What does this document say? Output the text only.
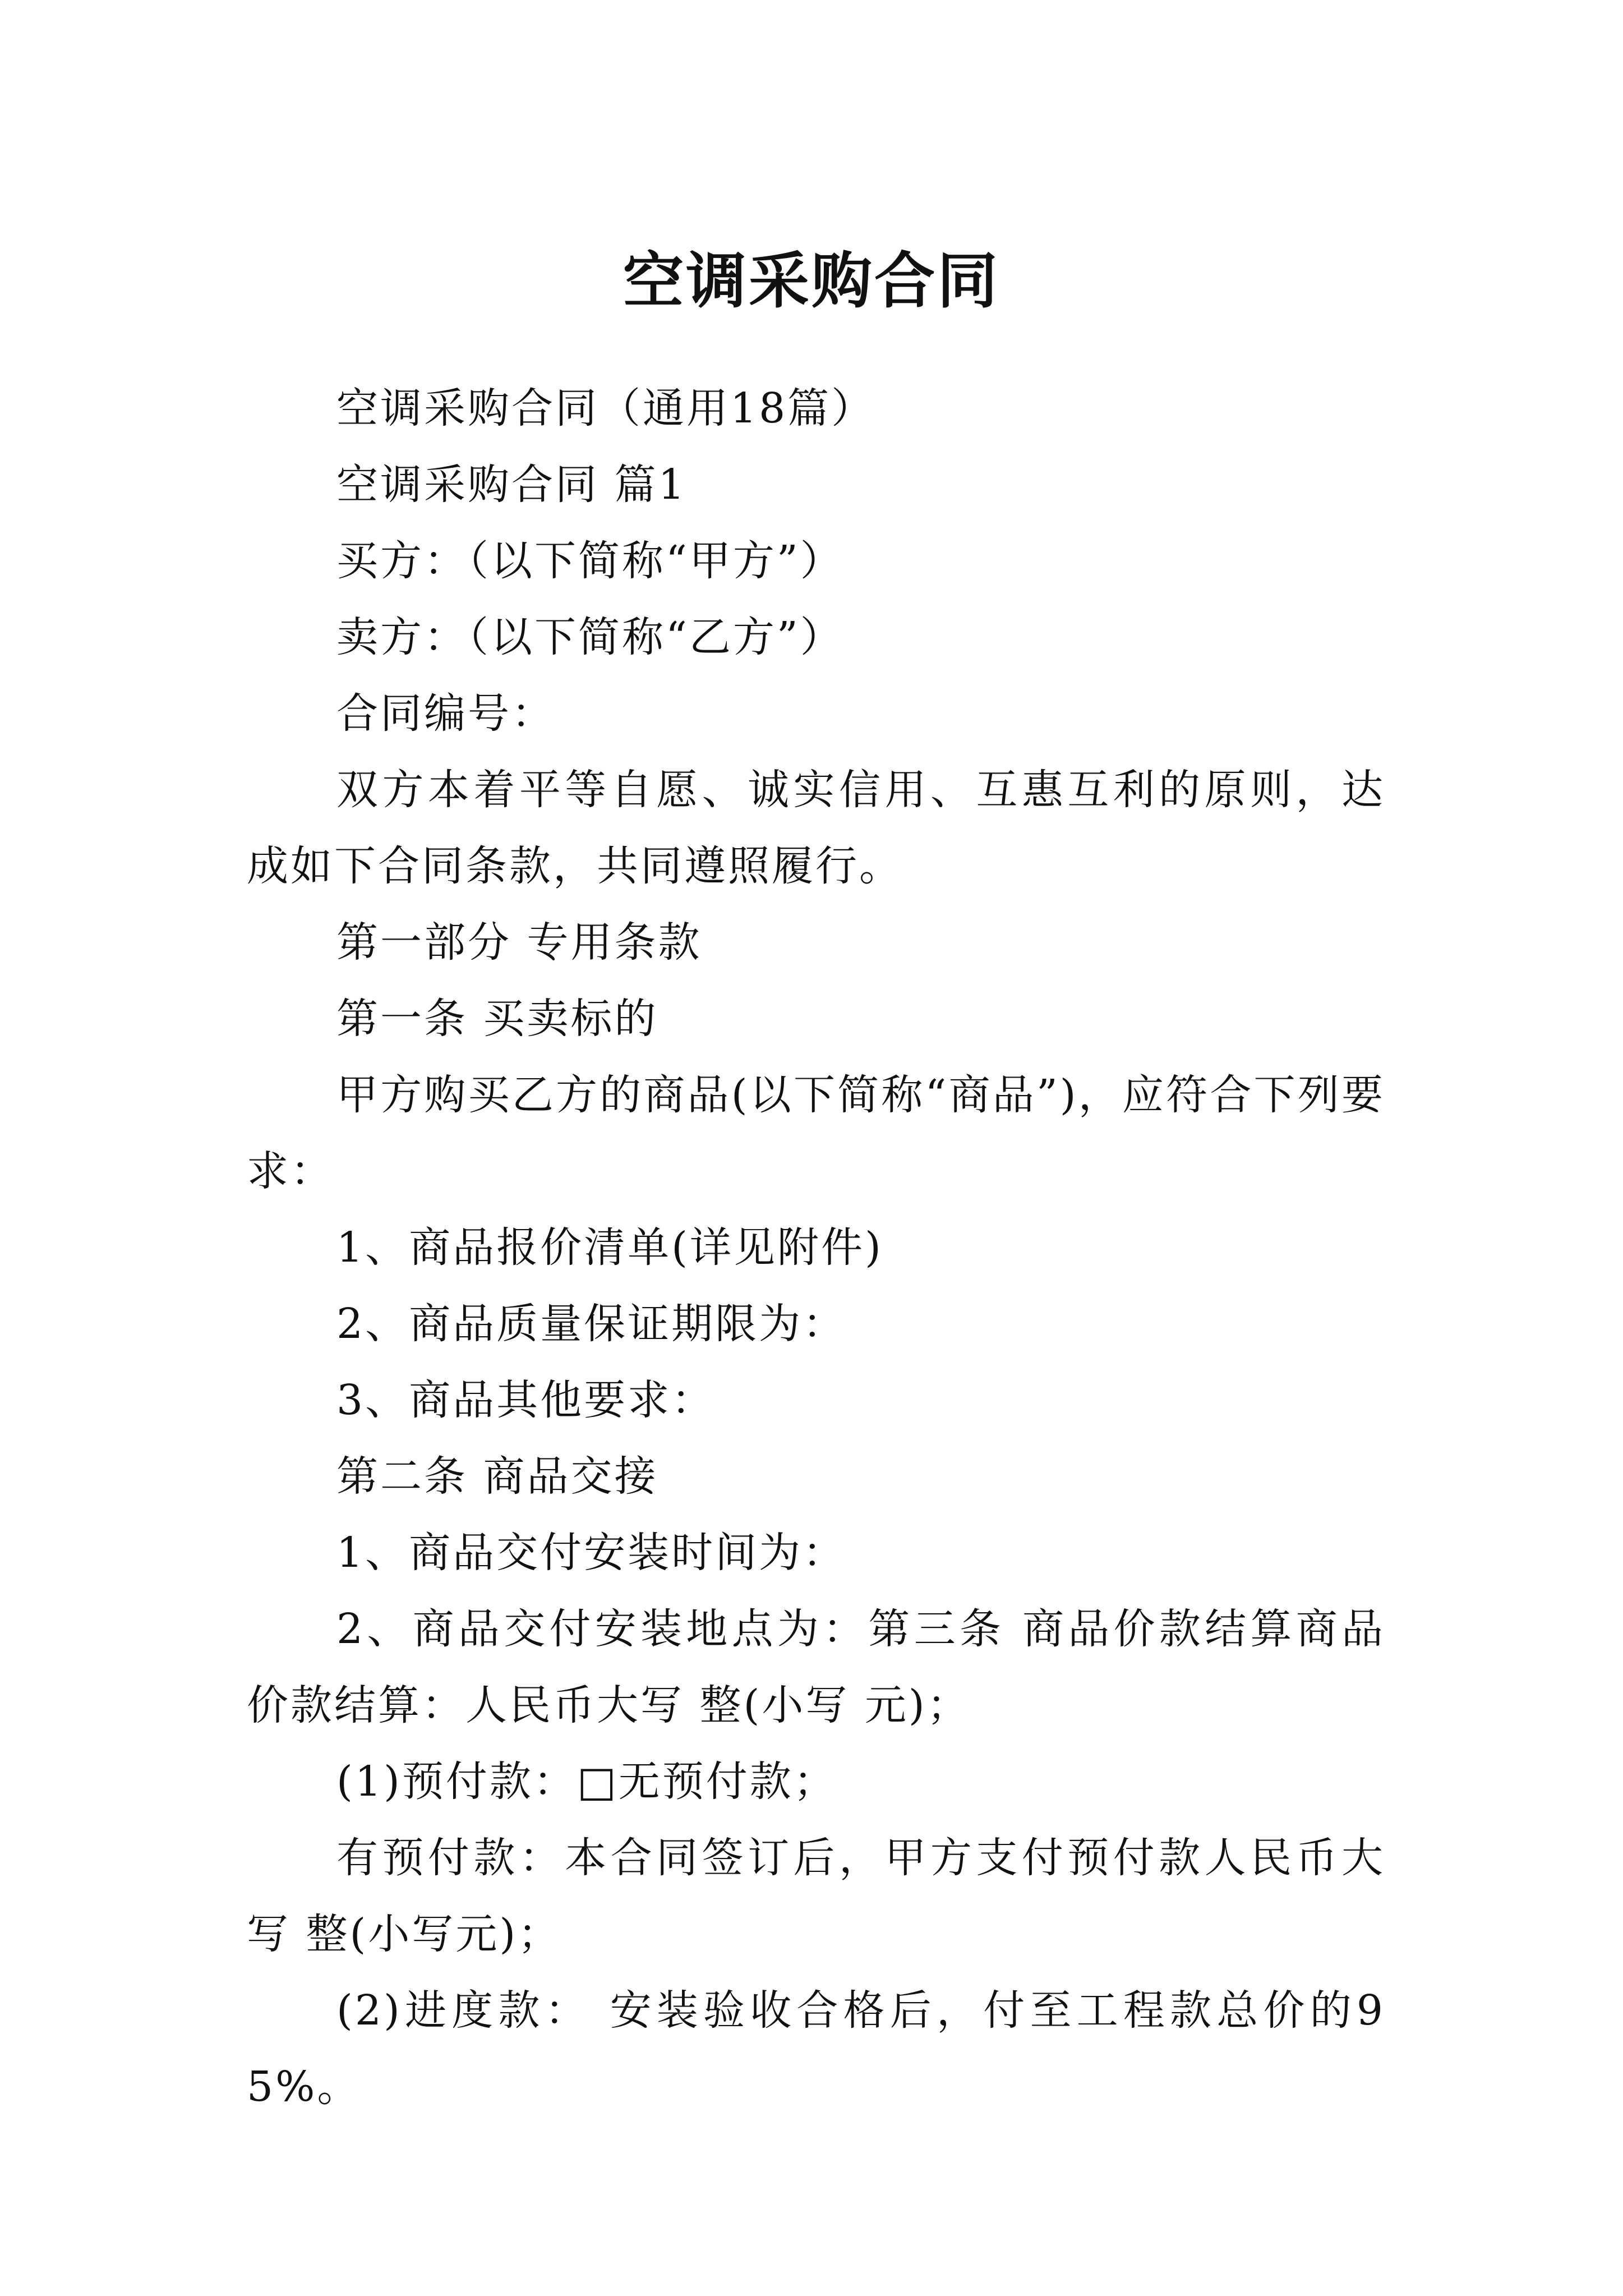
空调采购合同

空调采购合同（通用18篇）

空调采购合同 篇1

买方：（以下简称“甲方”）

卖方：（以下简称“乙方”）

合同编号：

双方本着平等自愿、诚实信用、互惠互利的原则，达成如下合同条款，共同遵照履行。

第一部分 专用条款

第一条 买卖标的

甲方购买乙方的商品(以下简称“商品”)，应符合下列要求：

1、商品报价清单(详见附件)

2、商品质量保证期限为：

3、商品其他要求：

第二条 商品交接

1、商品交付安装时间为：

2、商品交付安装地点为：第三条 商品价款结算商品价款结算：人民币大写 整(小写 元)；

(1)预付款：□无预付款；

有预付款：本合同签订后，甲方支付预付款人民币大写 整(小写元)；

(2)进度款： 安装验收合格后，付至工程款总价的95%。
